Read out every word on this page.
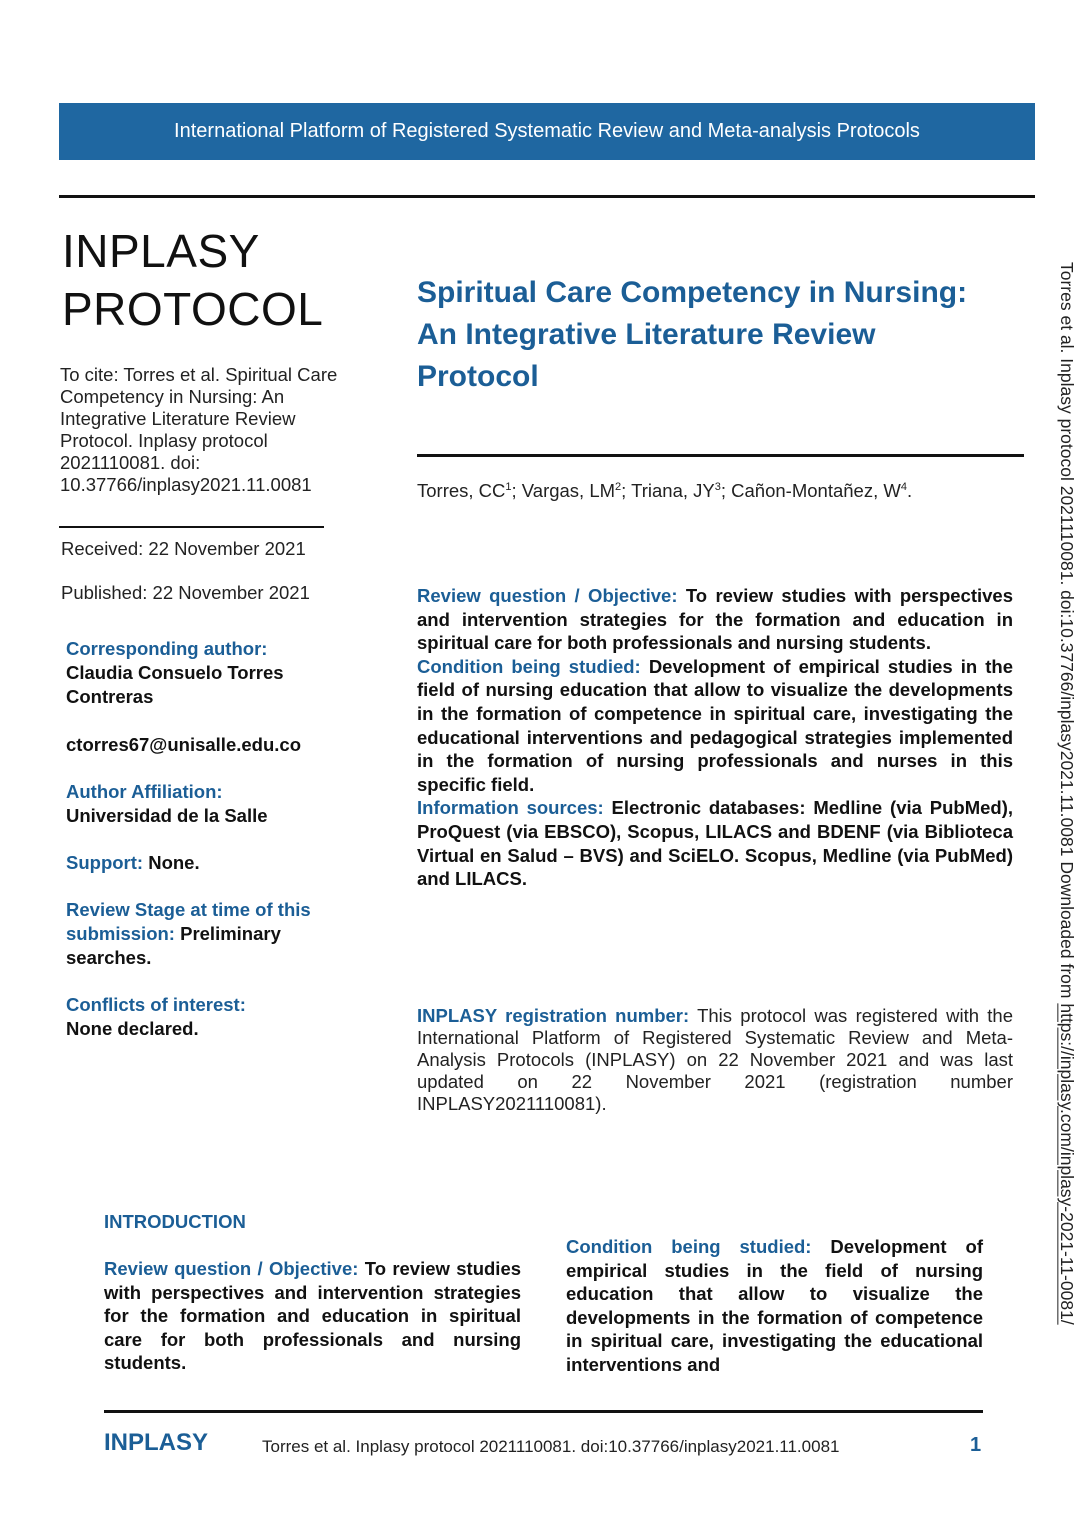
International Platform of Registered Systematic Review and Meta-analysis Protocols
INPLASY
PROTOCOL
To cite: Torres et al. Spiritual Care Competency in Nursing: An Integrative Literature Review Protocol. Inplasy protocol 2021110081. doi: 10.37766/inplasy2021.11.0081
Received: 22 November 2021
Published: 22 November 2021
Corresponding author:
Claudia Consuelo Torres Contreras
ctorres67@unisalle.edu.co
Author Affiliation:
Universidad de la Salle
Support: None.
Review Stage at time of this submission: Preliminary searches.
Conflicts of interest:
None declared.
Spiritual Care Competency in Nursing: An Integrative Literature Review Protocol
Torres, $CC^1$; Vargas, $LM^2$; Triana, $JY^3$; Cañon-Montañez, $W^4$.

Review question / Objective: To review studies with perspectives and intervention strategies for the formation and education in spiritual care for both professionals and nursing students.

Condition being studied: Development of empirical studies in the field of nursing education that allow to visualize the developments in the formation of competence in spiritual care, investigating the educational interventions and pedagogical strategies implemented in the formation of nursing professionals and nurses in this specific field.

Information sources: Electronic databases: Medline (via PubMed), ProQuest (via EBSCO), Scopus, LILACS and BDENF (via Biblioteca Virtual en Salud – BVS) and SciELO. Scopus, Medline (via PubMed) and LILACS.

INPLASY registration number: This protocol was registered with the International Platform of Registered Systematic Review and Meta-Analysis Protocols (INPLASY) on 22 November 2021 and was last updated on 22 November 2021 (registration number INPLASY2021110081).
INTRODUCTION
Review question / Objective: To review studies with perspectives and intervention strategies for the formation and education in spiritual care for both professionals and nursing students.
Condition being studied: Development of empirical studies in the field of nursing education that allow to visualize the developments in the formation of competence in spiritual care, investigating the educational interventions and
INPLASY	Torres et al. Inplasy protocol 2021110081. doi:10.37766/inplasy2021.11.0081	1
Torres et al. Inplasy protocol 2021110081. doi:10.37766/inplasy2021.11.0081 Downloaded from https://inplasy.com/inplasy-2021-11-0081/
